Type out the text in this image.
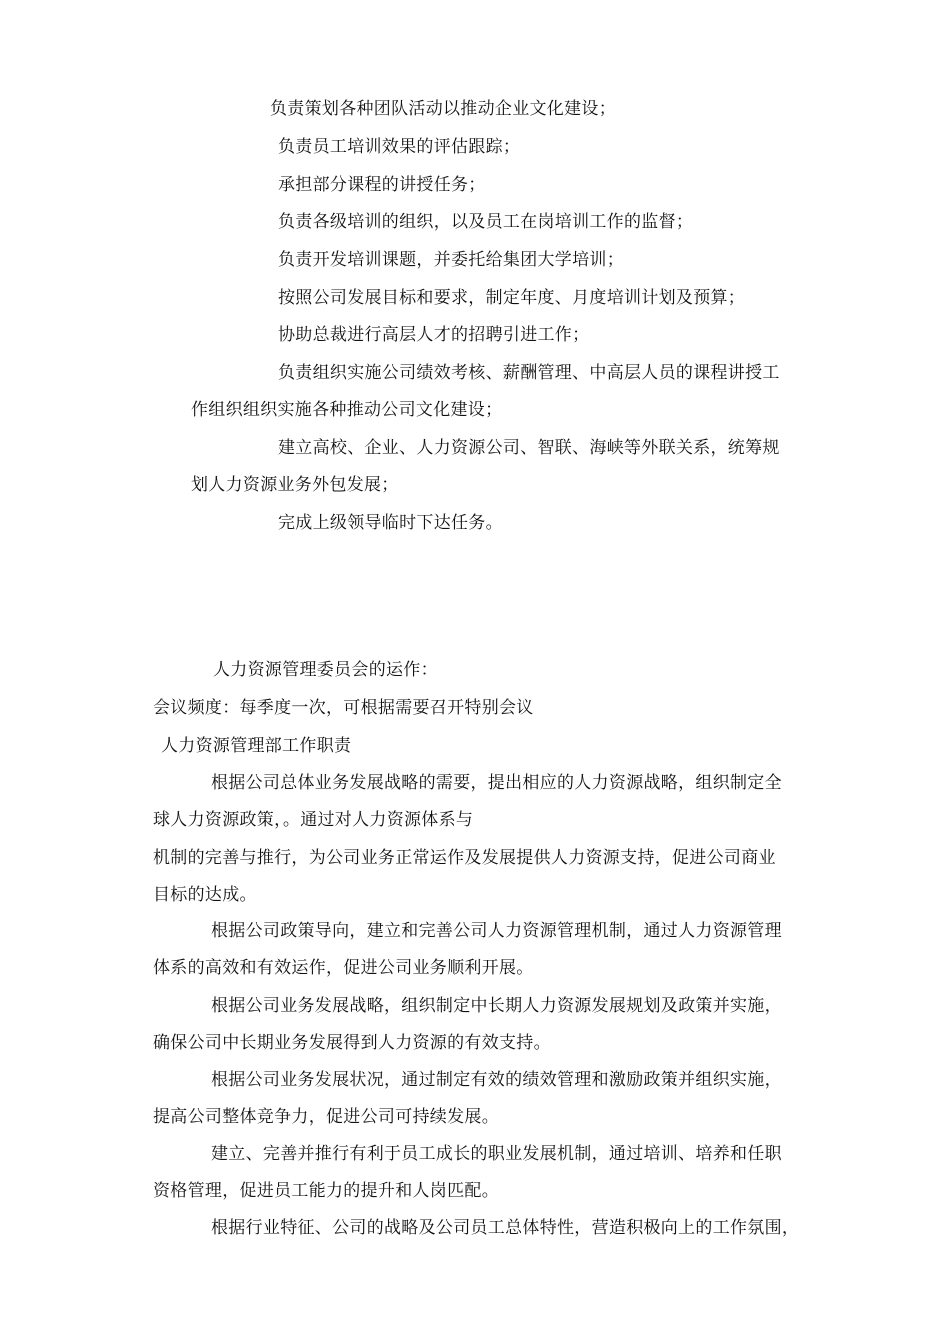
负责策划各种团队活动以推动企业文化建设；
负责员工培训效果的评估跟踪；
承担部分课程的讲授任务；
负责各级培训的组织，以及员工在岗培训工作的监督；
负责开发培训课题，并委托给集团大学培训；
按照公司发展目标和要求，制定年度、月度培训计划及预算；
协助总裁进行高层人才的招聘引进工作；
负责组织实施公司绩效考核、薪酬管理、中高层人员的课程讲授工
作组织组织实施各种推动公司文化建设；
建立高校、企业、人力资源公司、智联、海峡等外联关系，统筹规
划人力资源业务外包发展；
完成上级领导临时下达任务。
人力资源管理委员会的运作：
会议频度：每季度一次，可根据需要召开特别会议
人力资源管理部工作职责
根据公司总体业务发展战略的需要，提出相应的人力资源战略，组织制定全
球人力资源政策，。通过对人力资源体系与
机制的完善与推行，为公司业务正常运作及发展提供人力资源支持，促进公司商业
目标的达成。
根据公司政策导向，建立和完善公司人力资源管理机制，通过人力资源管理
体系的高效和有效运作，促进公司业务顺利开展。
根据公司业务发展战略，组织制定中长期人力资源发展规划及政策并实施，
确保公司中长期业务发展得到人力资源的有效支持。
根据公司业务发展状况，通过制定有效的绩效管理和激励政策并组织实施，
提高公司整体竞争力，促进公司可持续发展。
建立、完善并推行有利于员工成长的职业发展机制，通过培训、培养和任职
资格管理，促进员工能力的提升和人岗匹配。
根据行业特征、公司的战略及公司员工总体特性，营造积极向上的工作氛围，
